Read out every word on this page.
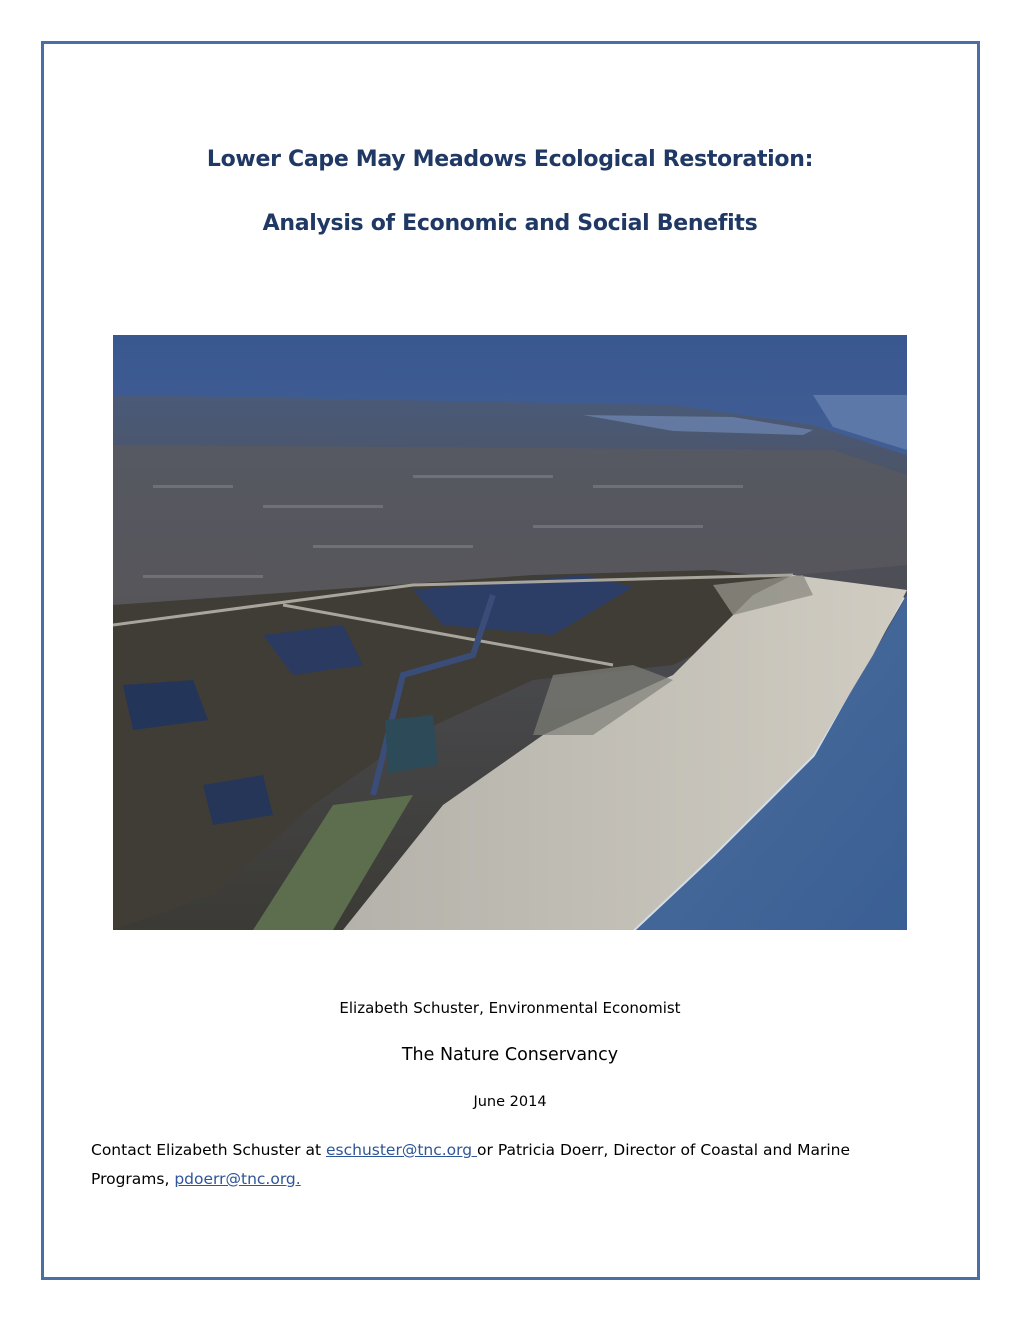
Lower Cape May Meadows Ecological Restoration:
Analysis of Economic and Social Benefits

Elizabeth Schuster, Environmental Economist

The Nature Conservancy

June 2014

Contact Elizabeth Schuster at eschuster@tnc.org or Patricia Doerr, Director of Coastal and Marine Programs, pdoerr@tnc.org.
